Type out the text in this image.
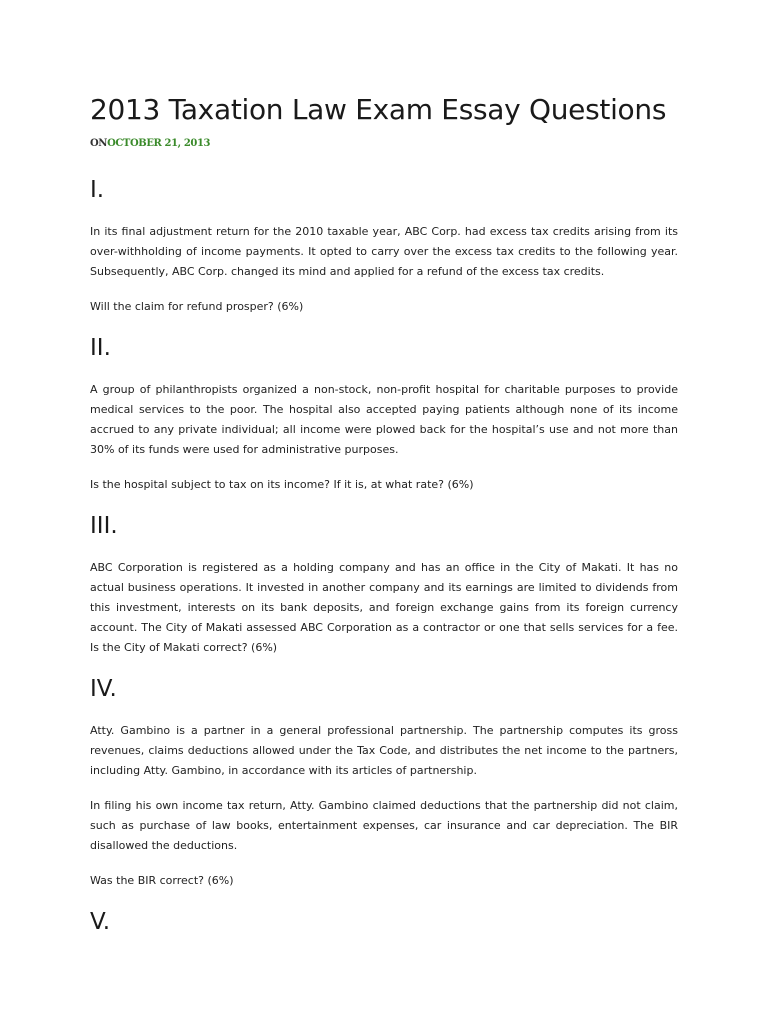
2013 Taxation Law Exam Essay Questions
ONOCTOBER 21, 2013
I.

In its final adjustment return for the 2010 taxable year, ABC Corp. had excess tax credits arising from its over-withholding of income payments. It opted to carry over the excess tax credits to the following year. Subsequently, ABC Corp. changed its mind and applied for a refund of the excess tax credits.

Will the claim for refund prosper? (6%)

II.

A group of philanthropists organized a non-stock, non-profit hospital for charitable purposes to provide medical services to the poor. The hospital also accepted paying patients although none of its income accrued to any private individual; all income were plowed back for the hospital’s use and not more than 30% of its funds were used for administrative purposes.

Is the hospital subject to tax on its income? If it is, at what rate? (6%)

III.

ABC Corporation is registered as a holding company and has an office in the City of Makati. It has no actual business operations. It invested in another company and its earnings are limited to dividends from this investment, interests on its bank deposits, and foreign exchange gains from its foreign currency account. The City of Makati assessed ABC Corporation as a contractor or one that sells services for a fee. Is the City of Makati correct? (6%)

IV.

Atty. Gambino is a partner in a general professional partnership. The partnership computes its gross revenues, claims deductions allowed under the Tax Code, and distributes the net income to the partners, including Atty. Gambino, in accordance with its articles of partnership.

In filing his own income tax return, Atty. Gambino claimed deductions that the partnership did not claim, such as purchase of law books, entertainment expenses, car insurance and car depreciation. The BIR disallowed the deductions.

Was the BIR correct? (6%)

V.
